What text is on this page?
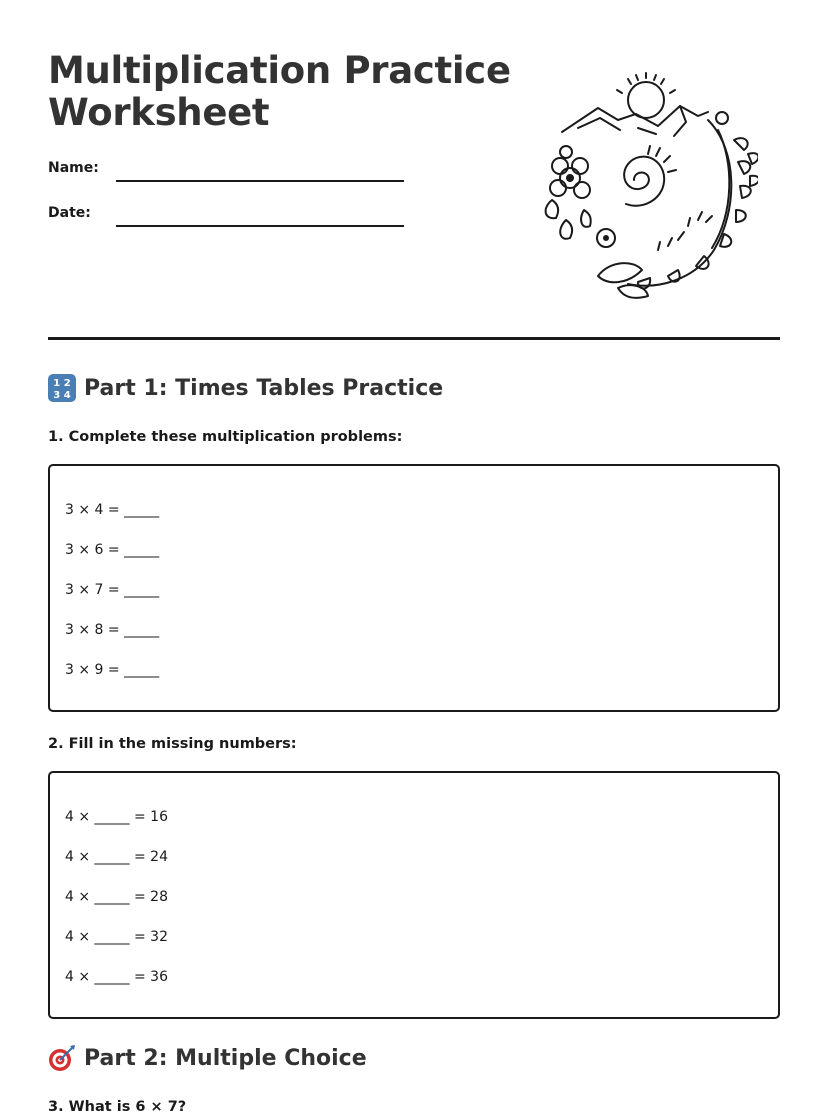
Multiplication Practice
Worksheet
Name:
Date:
1 2
3 4 Part 1: Times Tables Practice

1. Complete these multiplication problems:

3 × 4 = _____
3 × 6 = _____
3 × 7 = _____
3 × 8 = _____
3 × 9 = _____

2. Fill in the missing numbers:

4 × _____ = 16
4 × _____ = 24
4 × _____ = 28
4 × _____ = 32
4 × _____ = 36
Part 2: Multiple Choice

3. What is 6 × 7?
